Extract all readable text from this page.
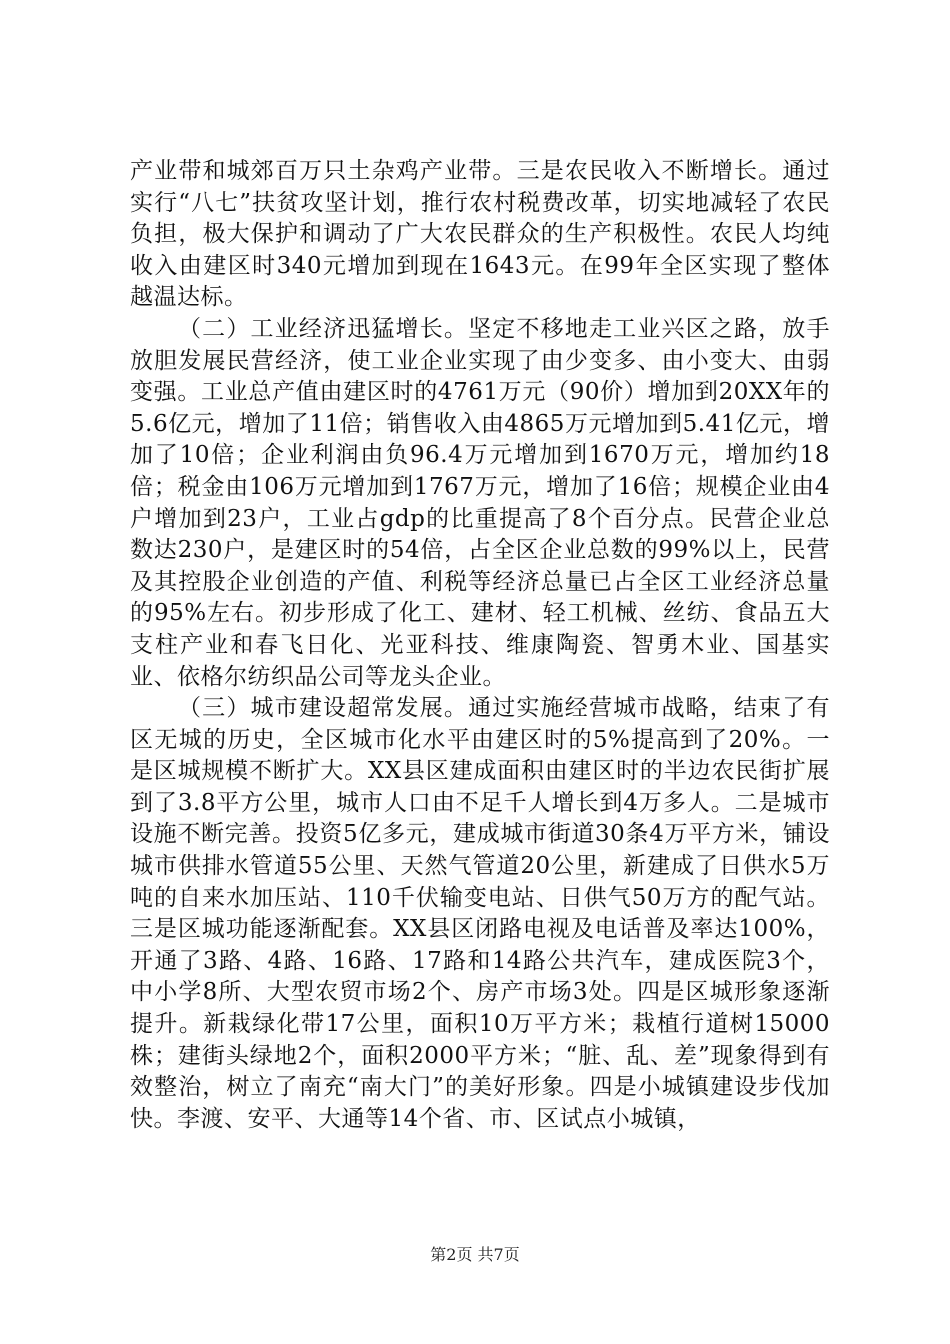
产业带和城郊百万只土杂鸡产业带。三是农民收入不断增长。通过实行“八七”扶贫攻坚计划，推行农村税费改革，切实地减轻了农民负担，极大保护和调动了广大农民群众的生产积极性。农民人均纯收入由建区时340元增加到现在1643元。在99年全区实现了整体越温达标。

（二）工业经济迅猛增长。坚定不移地走工业兴区之路，放手放胆发展民营经济，使工业企业实现了由少变多、由小变大、由弱变强。工业总产值由建区时的4761万元（90价）增加到20XX年的5.6亿元，增加了11倍；销售收入由4865万元增加到5.41亿元，增加了10倍；企业利润由负96.4万元增加到1670万元，增加约18倍；税金由106万元增加到1767万元，增加了16倍；规模企业由4户增加到23户，工业占gdp的比重提高了8个百分点。民营企业总数达230户，是建区时的54倍，占全区企业总数的99%以上，民营及其控股企业创造的产值、利税等经济总量已占全区工业经济总量的95%左右。初步形成了化工、建材、轻工机械、丝纺、食品五大支柱产业和春飞日化、光亚科技、维康陶瓷、智勇木业、国基实业、依格尔纺织品公司等龙头企业。

（三）城市建设超常发展。通过实施经营城市战略，结束了有区无城的历史，全区城市化水平由建区时的5%提高到了20%。一是区城规模不断扩大。XX县区建成面积由建区时的半边农民街扩展到了3.8平方公里，城市人口由不足千人增长到4万多人。二是城市设施不断完善。投资5亿多元，建成城市街道30条4万平方米，铺设城市供排水管道55公里、天然气管道20公里，新建成了日供水5万吨的自来水加压站、110千伏输变电站、日供气50万方的配气站。三是区城功能逐渐配套。XX县区闭路电视及电话普及率达100%，开通了3路、4路、16路、17路和14路公共汽车，建成医院3个，中小学8所、大型农贸市场2个、房产市场3处。四是区城形象逐渐提升。新栽绿化带17公里，面积10万平方米；栽植行道树15000株；建街头绿地2个，面积2000平方米；“脏、乱、差”现象得到有效整治，树立了南充“南大门”的美好形象。四是小城镇建设步伐加快。李渡、安平、大通等14个省、市、区试点小城镇，

第2页 共7页
